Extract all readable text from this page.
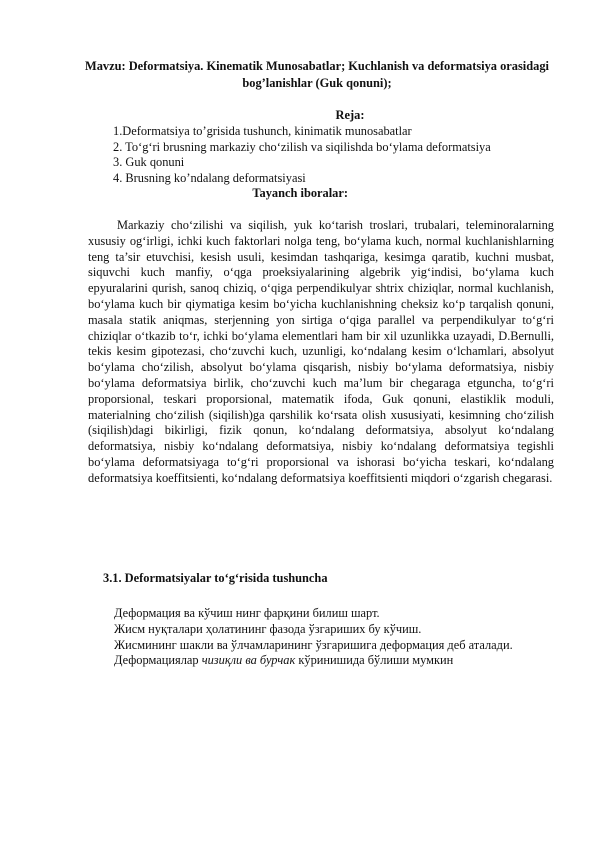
Mavzu: Deformatsiya. Kinematik Munosabatlar; Kuchlanish va deformatsiya orasidagi bog’lanishlar (Guk qonuni);
Reja:
1.Deformatsiya to’grisida tushunch, kinimatik munosabatlar
2. To‘g‘ri brusning markaziy cho‘zilish va siqilishda bo‘ylama deformatsiya
3. Guk qonuni
4. Brusning ko’ndalang deformatsiyasi
Tayanch iboralar:

Markaziy cho‘zilishi va siqilish, yuk ko‘tarish troslari, trubalari, teleminoralarning xususiy og‘irligi, ichki kuch faktorlari nolga teng, bo‘ylama kuch, normal kuchlanishlarning teng ta’sir etuvchisi, kesish usuli, kesimdan tashqariga, kesimga qaratib, kuchni musbat, siquvchi kuch manfiy, o‘qga proeksiyalarining algebrik yig‘indisi, bo‘ylama kuch epyuralarini qurish, sanoq chiziq, o‘qiga perpendikulyar shtrix chiziqlar, normal kuchlanish, bo‘ylama kuch bir qiymatiga kesim bo‘yicha kuchlanishning cheksiz ko‘p tarqalish qonuni, masala statik aniqmas, sterjenning yon sirtiga o‘qiga parallel va perpendikulyar to‘g‘ri chiziqlar o‘tkazib to‘r, ichki bo‘ylama elementlari ham bir xil uzunlikka uzayadi, D.Bernulli, tekis kesim gipotezasi, cho‘zuvchi kuch, uzunligi, ko‘ndalang kesim o‘lchamlari, absolyut bo‘ylama cho‘zilish, absolyut bo‘ylama qisqarish, nisbiy bo‘ylama deformatsiya, nisbiy bo‘ylama deformatsiya birlik, cho‘zuvchi kuch ma’lum bir chegaraga etguncha, to‘g‘ri proporsional, teskari proporsional, matematik ifoda, Guk qonuni, elastiklik moduli, materialning cho‘zilish (siqilish)ga qarshilik ko‘rsata olish xususiyati, kesimning cho‘zilish (siqilish)dagi bikirligi, fizik qonun, ko‘ndalang deformatsiya, absolyut ko‘ndalang deformatsiya, nisbiy ko‘ndalang deformatsiya, nisbiy ko‘ndalang deformatsiya tegishli bo‘ylama deformatsiyaga to‘g‘ri proporsional va ishorasi bo‘yicha teskari, ko‘ndalang deformatsiya koeffitsienti, ko‘ndalang deformatsiya koeffitsienti miqdori o‘zgarish chegarasi.

3.1. Deformatsiyalar to‘g‘risida tushuncha

Деформация ва кўчиш нинг фарқини билиш шарт.

Жисм нуқталари ҳолатининг фазода ўзгариших бу кўчиш.

Жисмининг шакли ва ўлчамларининг ўзгаришига деформация деб аталади.

Деформациялар чизиқли ва бурчак кўринишида бўлиши мумкин
